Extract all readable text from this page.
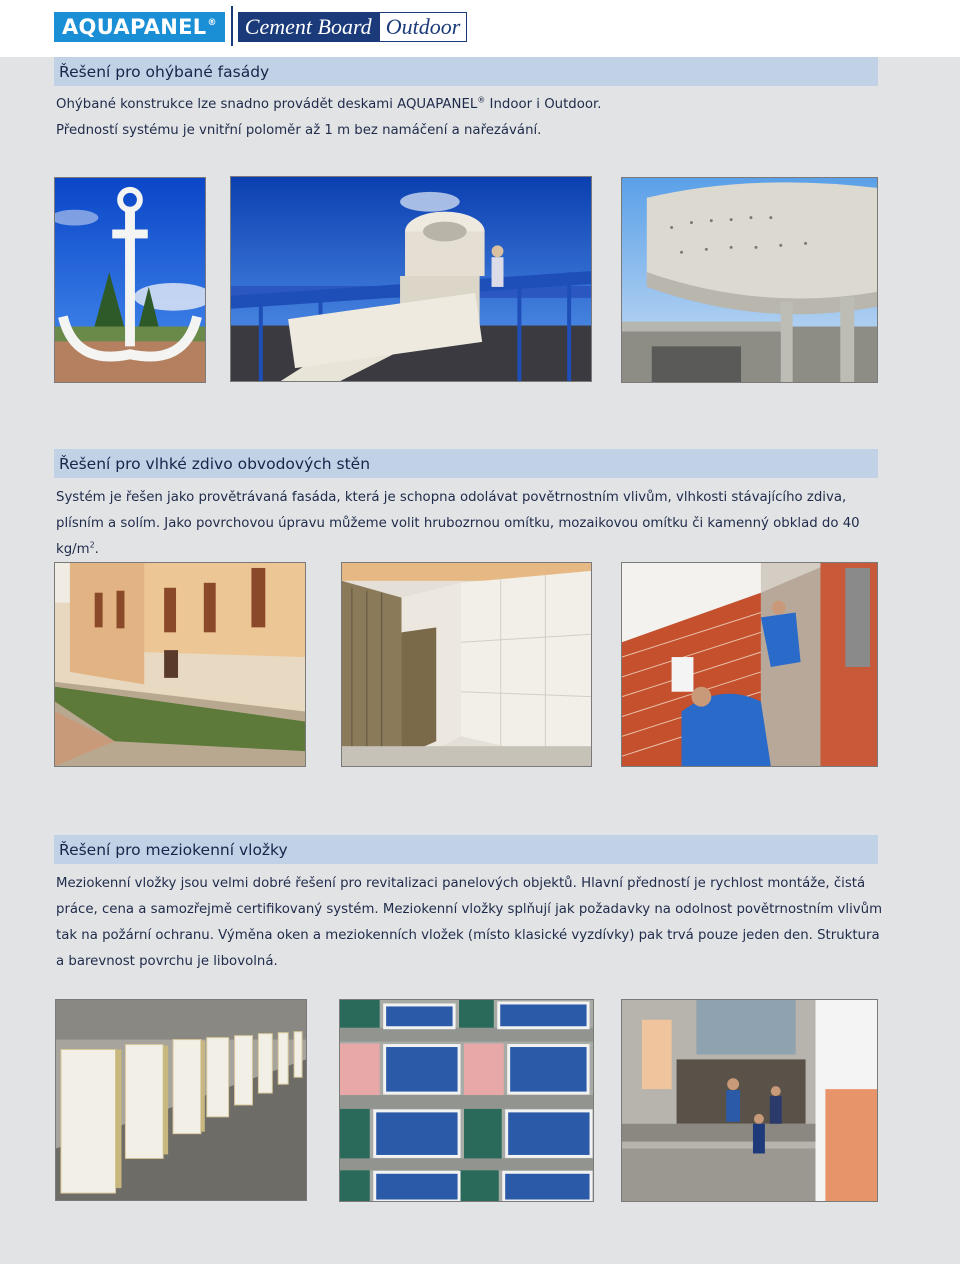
AQUAPANEL ®	Cement Board Outdoor
Řešení pro ohýbané fasády
Ohýbané konstrukce lze snadno provádět deskami AQUAPANEL® Indoor i Outdoor.
Předností systému je vnitřní poloměr až 1 m bez namáčení a nařezávání.
Řešení pro vlhké zdivo obvodových stěn
Systém je řešen jako provětrávaná fasáda, která je schopna odolávat povětrnostním vlivům, vlhkosti stávajícího zdiva, plísním a solím. Jako povrchovou úpravu můžeme volit hrubozrnou omítku, mozaikovou omítku či kamenný obklad do 40 $kg/m^2$.
Řešení pro meziokenní vložky
Meziokenní vložky jsou velmi dobré řešení pro revitalizaci panelových objektů. Hlavní předností je rychlost montáže, čistá práce, cena a samozřejmě certifikovaný systém. Meziokenní vložky splňují jak požadavky na odolnost povětrnostním vlivům tak na požární ochranu. Výměna oken a meziokenních vložek (místo klasické vyzdívky) pak trvá pouze jeden den. Struktura a barevnost povrchu je libovolná.
